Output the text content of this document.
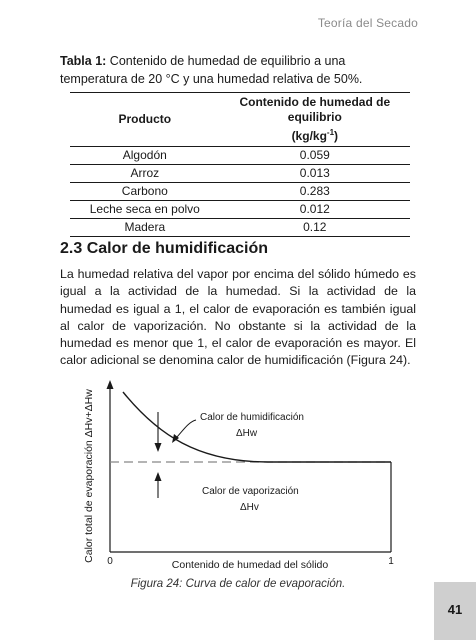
Teoría del Secado

Tabla 1: Contenido de humedad de equilibrio a una temperatura de 20 °C y una humedad relativa de 50%.

Producto	Contenido de humedad de equilibrio
$(kg/kg^{-1})$
Algodón	0.059
Arroz	0.013
Carbono	0.283
Leche seca en polvo	0.012
Madera	0.12
2.3 Calor de humidificación

La humedad relativa del vapor por encima del sólido húmedo es igual a la actividad de la humedad. Si la actividad de la humedad es igual a 1, el calor de evaporación es también igual al calor de vaporización. No obstante si la actividad de la humedad es menor que 1, el calor de evaporación es mayor. El calor adicional se denomina calor de humidificación (Figura 24).

Calor total de evaporación ΔHv+ΔHw	Calor de humidificación
ΔHw
Calor de vaporización
ΔHv
0	1
Contenido de humedad del sólido

Figura 24: Curva de calor de evaporación.

41
